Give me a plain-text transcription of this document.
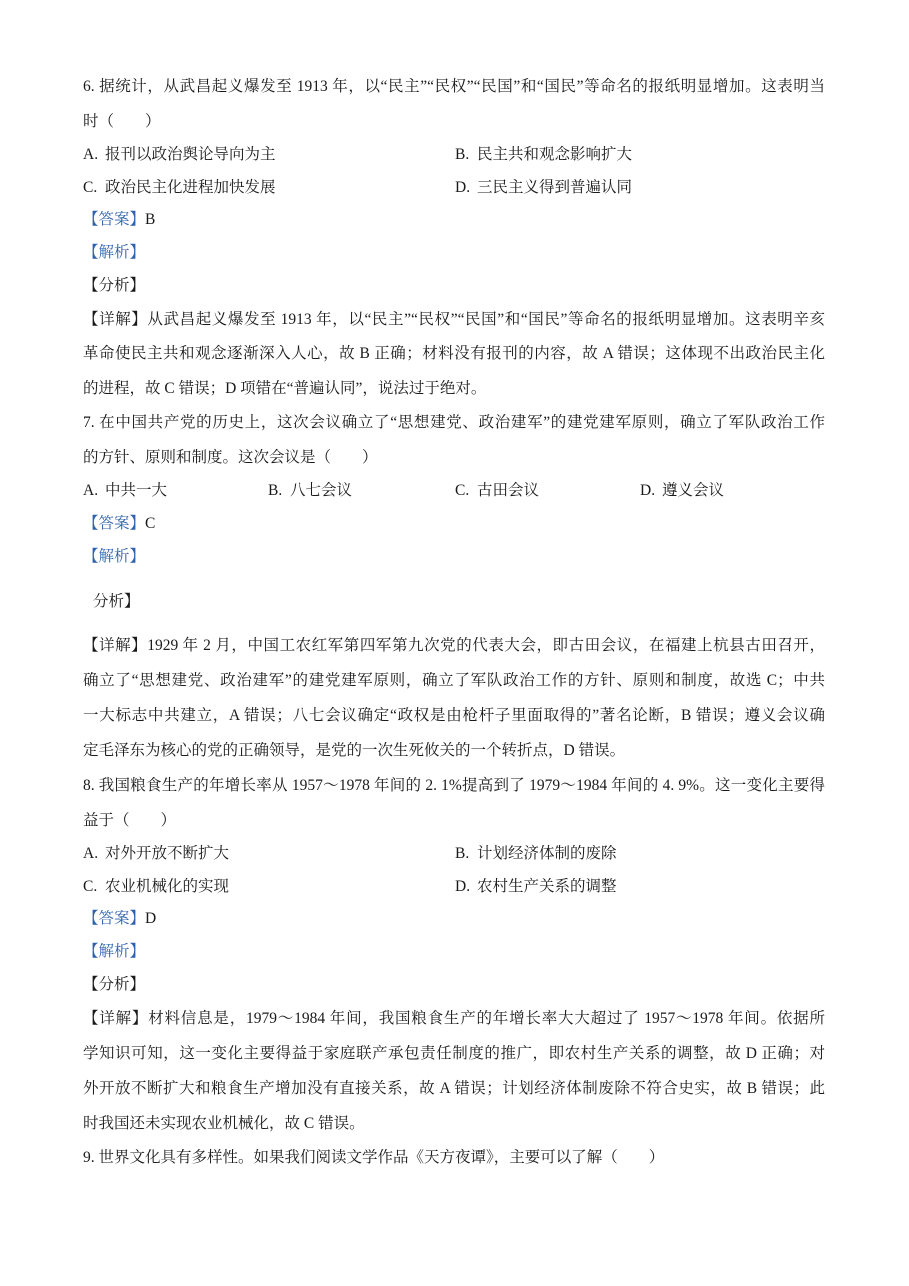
6. 据统计，从武昌起义爆发至 1913 年，以“民主”“民权”“民国”和“国民”等命名的报纸明显增加。这表明当
时（　　）
A. 报刊以政治舆论导向为主	B. 民主共和观念影响扩大
C. 政治民主化进程加快发展	D. 三民主义得到普遍认同
【答案】B
【解析】
【分析】
【详解】从武昌起义爆发至 1913 年，以“民主”“民权”“民国”和“国民”等命名的报纸明显增加。这表明辛亥
革命使民主共和观念逐渐深入人心，故 B 正确；材料没有报刊的内容，故 A 错误；这体现不出政治民主化
的进程，故 C 错误；D 项错在“普遍认同”，说法过于绝对。
7. 在中国共产党的历史上，这次会议确立了“思想建党、政治建军”的建党建军原则，确立了军队政治工作
的方针、原则和制度。这次会议是（　　）
A. 中共一大	B. 八七会议	C. 古田会议	D. 遵义会议
【答案】C
【解析】
分析】
【详解】1929 年 2 月，中国工农红军第四军第九次党的代表大会，即古田会议，在福建上杭县古田召开，
确立了“思想建党、政治建军”的建党建军原则，确立了军队政治工作的方针、原则和制度，故选 C；中共
一大标志中共建立，A 错误；八七会议确定“政权是由枪杆子里面取得的”著名论断，B 错误；遵义会议确
定毛泽东为核心的党的正确领导，是党的一次生死攸关的一个转折点，D 错误。
8. 我国粮食生产的年增长率从 1957～1978 年间的 2. 1%提高到了 1979～1984 年间的 4. 9%。这一变化主要得
益于（　　）
A. 对外开放不断扩大	B. 计划经济体制的废除
C. 农业机械化的实现	D. 农村生产关系的调整
【答案】D
【解析】
【分析】
【详解】材料信息是，1979～1984 年间，我国粮食生产的年增长率大大超过了 1957～1978 年间。依据所
学知识可知，这一变化主要得益于家庭联产承包责任制度的推广，即农村生产关系的调整，故 D 正确；对
外开放不断扩大和粮食生产增加没有直接关系，故 A 错误；计划经济体制废除不符合史实，故 B 错误；此
时我国还未实现农业机械化，故 C 错误。
9. 世界文化具有多样性。如果我们阅读文学作品《天方夜谭》，主要可以了解（　　）
